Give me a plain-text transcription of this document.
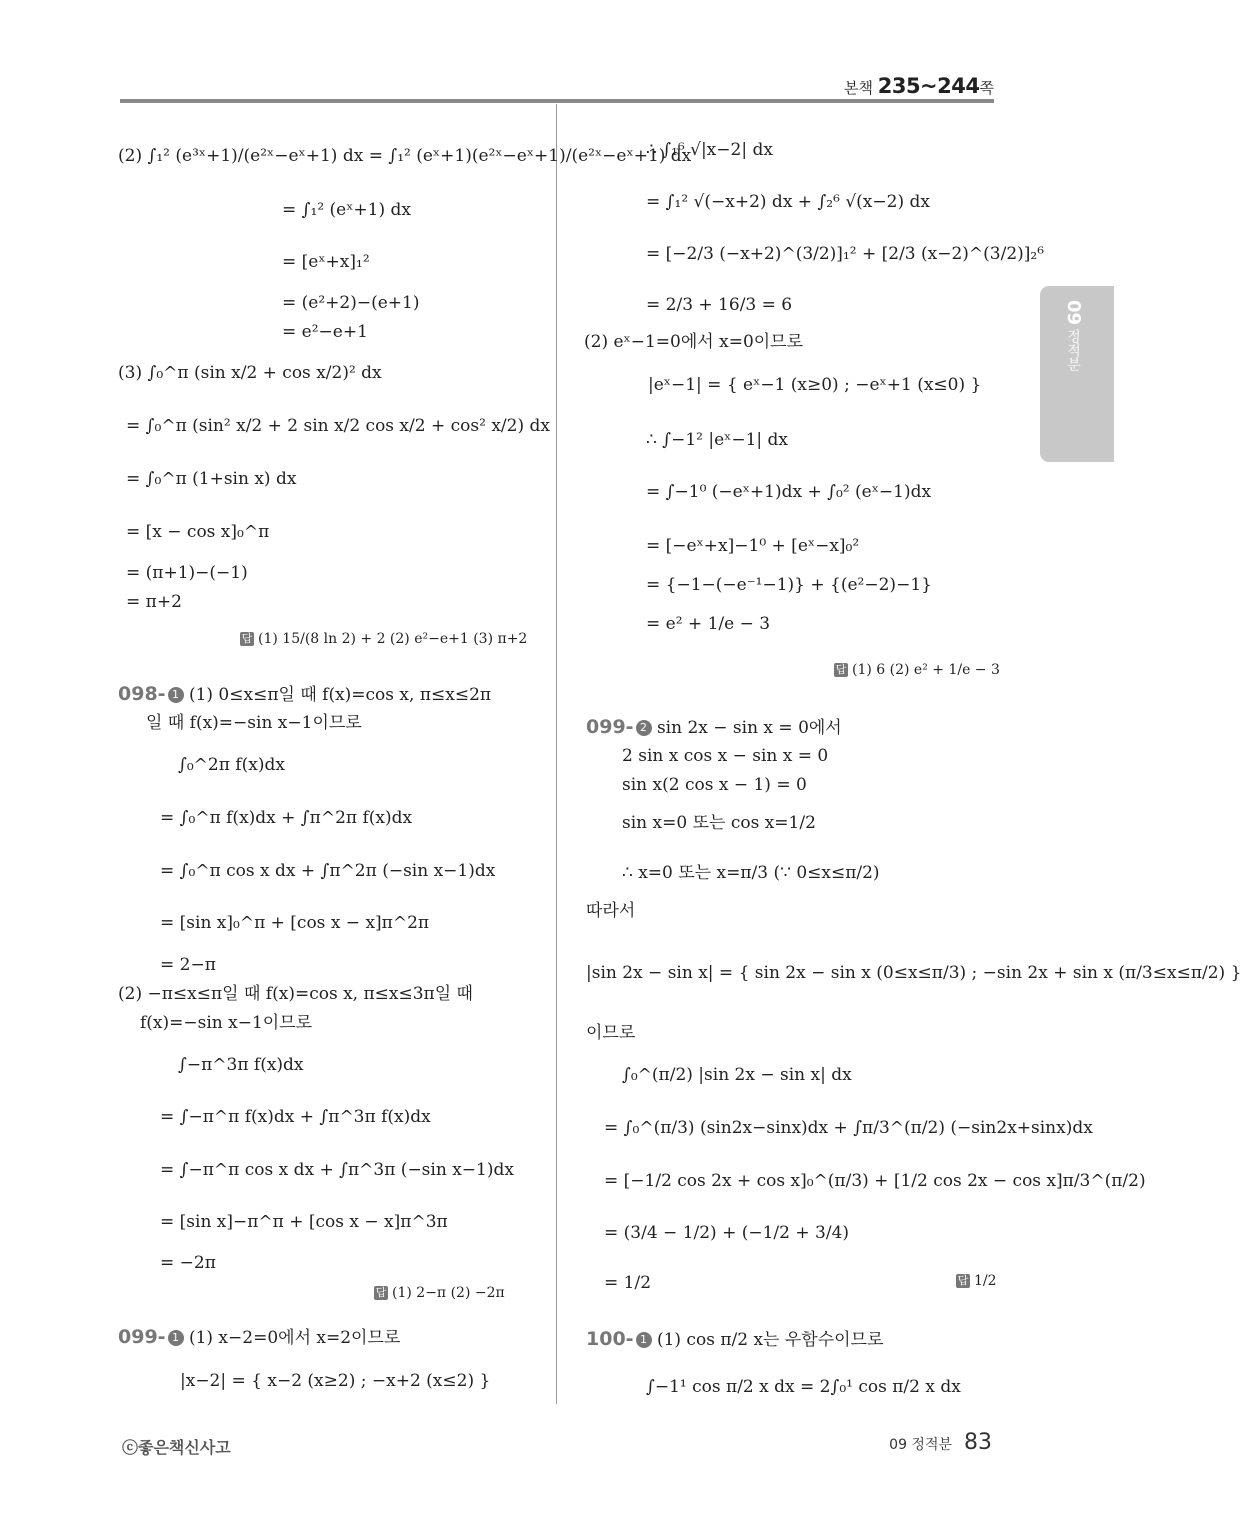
본책 235~244쪽
09정적분
(2) ∫₁² (e³ˣ+1)/(e²ˣ−eˣ+1) dx = ∫₁² (eˣ+1)(e²ˣ−eˣ+1)/(e²ˣ−eˣ+1) dx
= ∫₁² (eˣ+1) dx
= [eˣ+x]₁²
= (e²+2)−(e+1)
= e²−e+1
(3) ∫₀^π (sin x/2 + cos x/2)² dx
= ∫₀^π (sin² x/2 + 2 sin x/2 cos x/2 + cos² x/2) dx
= ∫₀^π (1+sin x) dx
= [x − cos x]₀^π
= (π+1)−(−1)
= π+2
답 (1) 15/(8 ln 2) + 2 (2) e²−e+1 (3) π+2
098- 1 (1) 0≤x≤π일 때 f(x)=cos x, π≤x≤2π
일 때 f(x)=−sin x−1이므로
∫₀^2π f(x)dx
= ∫₀^π f(x)dx + ∫π^2π f(x)dx
= ∫₀^π cos x dx + ∫π^2π (−sin x−1)dx
= [sin x]₀^π + [cos x − x]π^2π
= 2−π
(2) −π≤x≤π일 때 f(x)=cos x, π≤x≤3π일 때
f(x)=−sin x−1이므로
∫−π^3π f(x)dx
= ∫−π^π f(x)dx + ∫π^3π f(x)dx
= ∫−π^π cos x dx + ∫π^3π (−sin x−1)dx
= [sin x]−π^π + [cos x − x]π^3π
= −2π
답 (1) 2−π (2) −2π
099- 1 (1) x−2=0에서 x=2이므로
|x−2| = { x−2 (x≥2) ; −x+2 (x≤2) }
∴ ∫₁⁶ √|x−2| dx
= ∫₁² √(−x+2) dx + ∫₂⁶ √(x−2) dx
= [−2/3 (−x+2)^(3/2)]₁² + [2/3 (x−2)^(3/2)]₂⁶
= 2/3 + 16/3 = 6
(2) eˣ−1=0에서 x=0이므로
|eˣ−1| = { eˣ−1 (x≥0) ; −eˣ+1 (x≤0) }
∴ ∫−1² |eˣ−1| dx
= ∫−1⁰ (−eˣ+1)dx + ∫₀² (eˣ−1)dx
= [−eˣ+x]−1⁰ + [eˣ−x]₀²
= {−1−(−e⁻¹−1)} + {(e²−2)−1}
= e² + 1/e − 3
답 (1) 6 (2) e² + 1/e − 3
099- 2 sin 2x − sin x = 0에서
2 sin x cos x − sin x = 0
sin x(2 cos x − 1) = 0
sin x=0 또는 cos x=1/2
∴ x=0 또는 x=π/3 (∵ 0≤x≤π/2)
따라서
|sin 2x − sin x| = { sin 2x − sin x (0≤x≤π/3) ; −sin 2x + sin x (π/3≤x≤π/2) }
이므로
∫₀^(π/2) |sin 2x − sin x| dx
= ∫₀^(π/3) (sin2x−sinx)dx + ∫π/3^(π/2) (−sin2x+sinx)dx
= [−1/2 cos 2x + cos x]₀^(π/3) + [1/2 cos 2x − cos x]π/3^(π/2)
= (3/4 − 1/2) + (−1/2 + 3/4)
= 1/2	답 1/2
100- 1 (1) cos π/2 x는 우함수이므로
∫−1¹ cos π/2 x dx = 2∫₀¹ cos π/2 x dx
ⓒ좋은책신사고	09 정적분 83
